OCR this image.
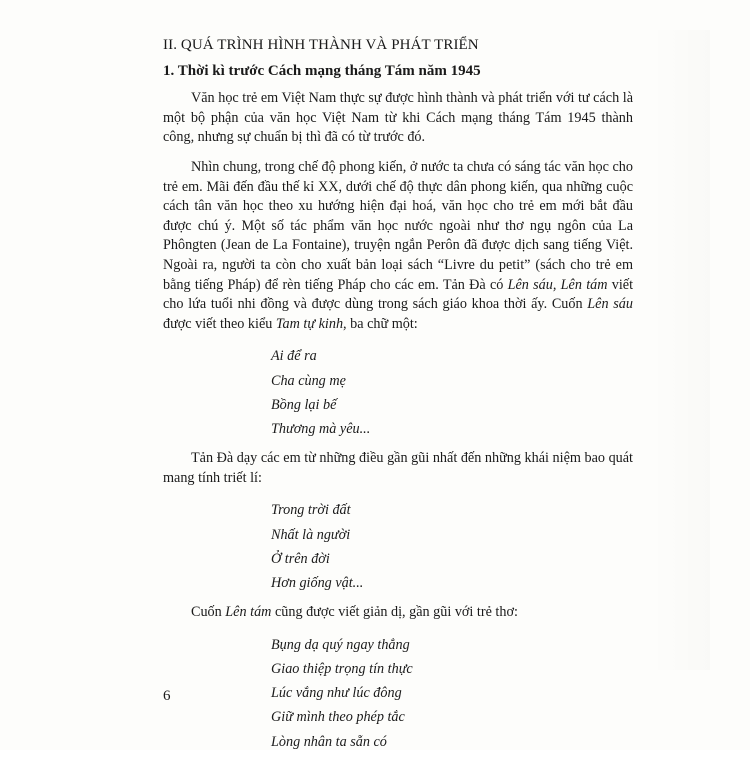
II. QUÁ TRÌNH HÌNH THÀNH VÀ PHÁT TRIỂN
1. Thời kì trước Cách mạng tháng Tám năm 1945

Văn học trẻ em Việt Nam thực sự được hình thành và phát triển với tư cách là một bộ phận của văn học Việt Nam từ khi Cách mạng tháng Tám 1945 thành công, nhưng sự chuẩn bị thì đã có từ trước đó.

Nhìn chung, trong chế độ phong kiến, ở nước ta chưa có sáng tác văn học cho trẻ em. Mãi đến đầu thế kỉ XX, dưới chế độ thực dân phong kiến, qua những cuộc cách tân văn học theo xu hướng hiện đại hoá, văn học cho trẻ em mới bắt đầu được chú ý. Một số tác phẩm văn học nước ngoài như thơ ngụ ngôn của La Phôngten (Jean de La Fontaine), truyện ngắn Perôn đã được dịch sang tiếng Việt. Ngoài ra, người ta còn cho xuất bản loại sách “Livre du petit” (sách cho trẻ em bằng tiếng Pháp) để rèn tiếng Pháp cho các em. Tản Đà có Lên sáu, Lên tám viết cho lứa tuổi nhi đồng và được dùng trong sách giáo khoa thời ấy. Cuốn Lên sáu được viết theo kiểu Tam tự kinh, ba chữ một:

Ai để ra
Cha cùng mẹ
Bồng lại bế
Thương mà yêu...

Tản Đà dạy các em từ những điều gần gũi nhất đến những khái niệm bao quát mang tính triết lí:

Trong trời đất
Nhất là người
Ở trên đời
Hơn giống vật...

Cuốn Lên tám cũng được viết giản dị, gần gũi với trẻ thơ:

Bụng dạ quý ngay thẳng
Giao thiệp trọng tín thực
Lúc vắng như lúc đông
Giữ mình theo phép tắc
Lòng nhân ta sẵn có
6
